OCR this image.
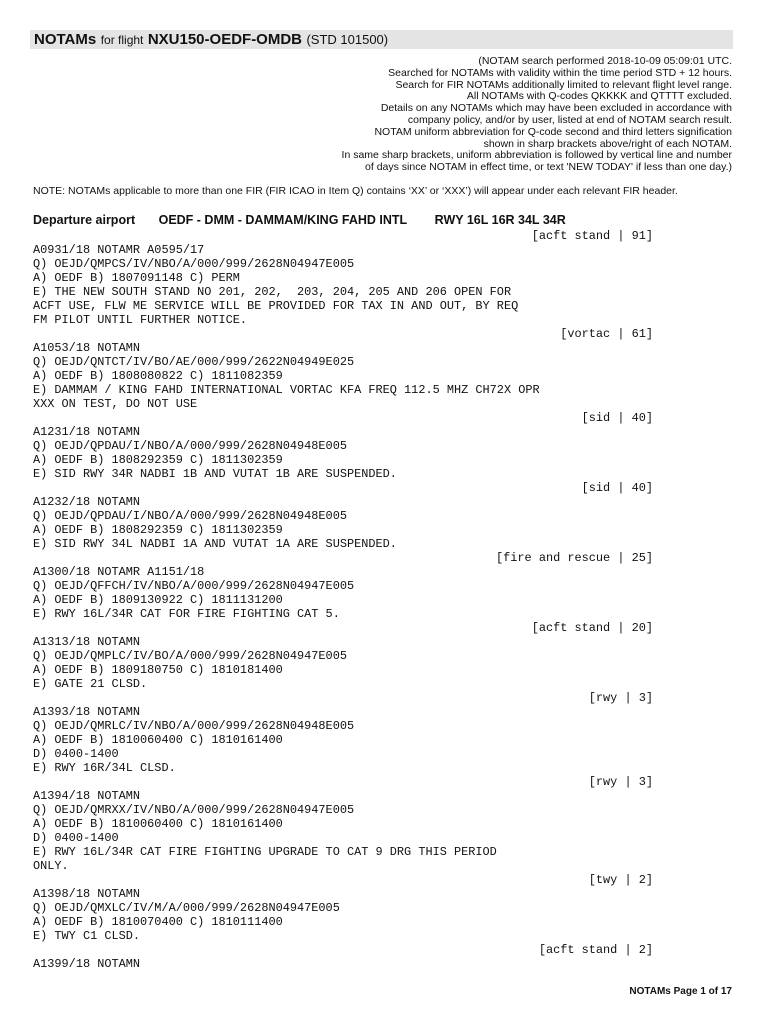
NOTAMs for flight NXU150-OEDF-OMDB (STD 101500)
(NOTAM search performed 2018-10-09 05:09:01 UTC.
Searched for NOTAMs with validity within the time period STD + 12 hours.
Search for FIR NOTAMs additionally limited to relevant flight level range.
All NOTAMs with Q-codes QKKKK and QTTTT excluded.
Details on any NOTAMs which may have been excluded in accordance with
company policy, and/or by user, listed at end of NOTAM search result.
NOTAM uniform abbreviation for Q-code second and third letters signification
shown in sharp brackets above/right of each NOTAM.
In same sharp brackets, uniform abbreviation is followed by vertical line and number
of days since NOTAM in effect time, or text 'NEW TODAY' if less than one day.)
NOTE: NOTAMs applicable to more than one FIR (FIR ICAO in Item Q) contains ‘XX’ or ‘XXX’) will appear under each relevant FIR header.
Departure airport OEDF - DMM - DAMMAM/KING FAHD INTL RWY 16L 16R 34L 34R
[acft stand | 91]
A0931/18 NOTAMR A0595/17
Q) OEJD/QMPCS/IV/NBO/A/000/999/2628N04947E005
A) OEDF B) 1807091148 C) PERM
E) THE NEW SOUTH STAND NO 201, 202,  203, 204, 205 AND 206 OPEN FOR
ACFT USE, FLW ME SERVICE WILL BE PROVIDED FOR TAX IN AND OUT, BY REQ
FM PILOT UNTIL FURTHER NOTICE.
[vortac | 61]
A1053/18 NOTAMN
Q) OEJD/QNTCT/IV/BO/AE/000/999/2622N04949E025
A) OEDF B) 1808080822 C) 1811082359
E) DAMMAM / KING FAHD INTERNATIONAL VORTAC KFA FREQ 112.5 MHZ CH72X OPR
XXX ON TEST, DO NOT USE
[sid | 40]
A1231/18 NOTAMN
Q) OEJD/QPDAU/I/NBO/A/000/999/2628N04948E005
A) OEDF B) 1808292359 C) 1811302359
E) SID RWY 34R NADBI 1B AND VUTAT 1B ARE SUSPENDED.
[sid | 40]
A1232/18 NOTAMN
Q) OEJD/QPDAU/I/NBO/A/000/999/2628N04948E005
A) OEDF B) 1808292359 C) 1811302359
E) SID RWY 34L NADBI 1A AND VUTAT 1A ARE SUSPENDED.
[fire and rescue | 25]
A1300/18 NOTAMR A1151/18
Q) OEJD/QFFCH/IV/NBO/A/000/999/2628N04947E005
A) OEDF B) 1809130922 C) 1811131200
E) RWY 16L/34R CAT FOR FIRE FIGHTING CAT 5.
[acft stand | 20]
A1313/18 NOTAMN
Q) OEJD/QMPLC/IV/BO/A/000/999/2628N04947E005
A) OEDF B) 1809180750 C) 1810181400
E) GATE 21 CLSD.
[rwy | 3]
A1393/18 NOTAMN
Q) OEJD/QMRLC/IV/NBO/A/000/999/2628N04948E005
A) OEDF B) 1810060400 C) 1810161400
D) 0400-1400
E) RWY 16R/34L CLSD.
[rwy | 3]
A1394/18 NOTAMN
Q) OEJD/QMRXX/IV/NBO/A/000/999/2628N04947E005
A) OEDF B) 1810060400 C) 1810161400
D) 0400-1400
E) RWY 16L/34R CAT FIRE FIGHTING UPGRADE TO CAT 9 DRG THIS PERIOD
ONLY.
[twy | 2]
A1398/18 NOTAMN
Q) OEJD/QMXLC/IV/M/A/000/999/2628N04947E005
A) OEDF B) 1810070400 C) 1810111400
E) TWY C1 CLSD.
[acft stand | 2]
A1399/18 NOTAMN
NOTAMs Page 1 of 17
